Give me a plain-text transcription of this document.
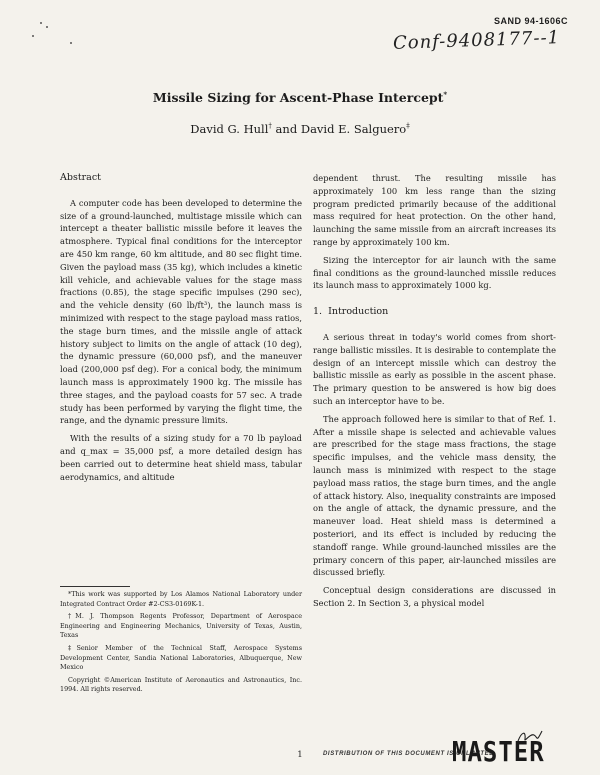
SAND 94-1606C
Conf-9408177--1
Missile Sizing for Ascent-Phase Intercept*
David G. Hull† and David E. Salguero‡
Abstract

A computer code has been developed to determine the size of a ground-launched, multistage missile which can intercept a theater ballistic missile before it leaves the atmosphere. Typical final conditions for the interceptor are 450 km range, 60 km altitude, and 80 sec flight time. Given the payload mass (35 kg), which includes a kinetic kill vehicle, and achievable values for the stage mass fractions (0.85), the stage specific impulses (290 sec), and the vehicle density (60 lb/ft³), the launch mass is minimized with respect to the stage payload mass ratios, the stage burn times, and the missile angle of attack history subject to limits on the angle of attack (10 deg), the dynamic pressure (60,000 psf), and the maneuver load (200,000 psf deg). For a conical body, the minimum launch mass is approximately 1900 kg. The missile has three stages, and the payload coasts for 57 sec. A trade study has been performed by varying the flight time, the range, and the dynamic pressure limits.

With the results of a sizing study for a 70 lb payload and q_max = 35,000 psf, a more detailed design has been carried out to determine heat shield mass, tabular aerodynamics, and altitude

*This work was supported by Los Alamos National Laboratory under Integrated Contract Order #2-CS3-0169K-1.

†M. J. Thompson Regents Professor, Department of Aerospace Engineering and Engineering Mechanics, University of Texas, Austin, Texas

‡Senior Member of the Technical Staff, Aerospace Systems Development Center, Sandia National Laboratories, Albuquerque, New Mexico

Copyright ©American Institute of Aeronautics and Astronautics, Inc. 1994. All rights reserved.

dependent thrust. The resulting missile has approximately 100 km less range than the sizing program predicted primarily because of the additional mass required for heat protection. On the other hand, launching the same missile from an aircraft increases its range by approximately 100 km.

Sizing the interceptor for air launch with the same final conditions as the ground-launched missile reduces its launch mass to approximately 1000 kg.

1.  Introduction

A serious threat in today's world comes from short-range ballistic missiles. It is desirable to contemplate the design of an intercept missile which can destroy the ballistic missile as early as possible in the ascent phase. The primary question to be answered is how big does such an interceptor have to be.

The approach followed here is similar to that of Ref. 1. After a missile shape is selected and achievable values are prescribed for the stage mass fractions, the stage specific impulses, and the vehicle mass density, the launch mass is minimized with respect to the stage payload mass ratios, the stage burn times, and the angle of attack history. Also, inequality constraints are imposed on the angle of attack, the dynamic pressure, and the maneuver load. Heat shield mass is determined a posteriori, and its effect is included by reducing the standoff range. While ground-launched missiles are the primary concern of this paper, air-launched missiles are discussed briefly.

Conceptual design considerations are discussed in Section 2. In Section 3, a physical model

1	DISTRIBUTION OF THIS DOCUMENT IS UNLIMITED
MASTER
